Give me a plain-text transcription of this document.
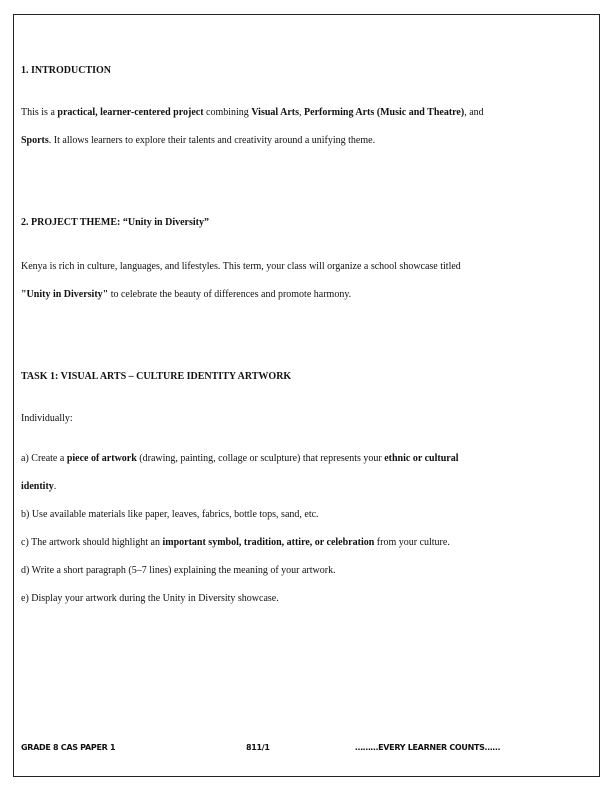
1. INTRODUCTION
This is a practical, learner-centered project combining Visual Arts, Performing Arts (Music and Theatre), and
Sports. It allows learners to explore their talents and creativity around a unifying theme.
2. PROJECT THEME: “Unity in Diversity”
Kenya is rich in culture, languages, and lifestyles. This term, your class will organize a school showcase titled
"Unity in Diversity" to celebrate the beauty of differences and promote harmony.
TASK 1: VISUAL ARTS – CULTURE IDENTITY ARTWORK
Individually:
a) Create a piece of artwork (drawing, painting, collage or sculpture) that represents your ethnic or cultural
identity.
b) Use available materials like paper, leaves, fabrics, bottle tops, sand, etc.
c) The artwork should highlight an important symbol, tradition, attire, or celebration from your culture.
d) Write a short paragraph (5–7 lines) explaining the meaning of your artwork.
e) Display your artwork during the Unity in Diversity showcase.
GRADE 8 CAS PAPER 1	811/1	………EVERY LEARNER COUNTS……
